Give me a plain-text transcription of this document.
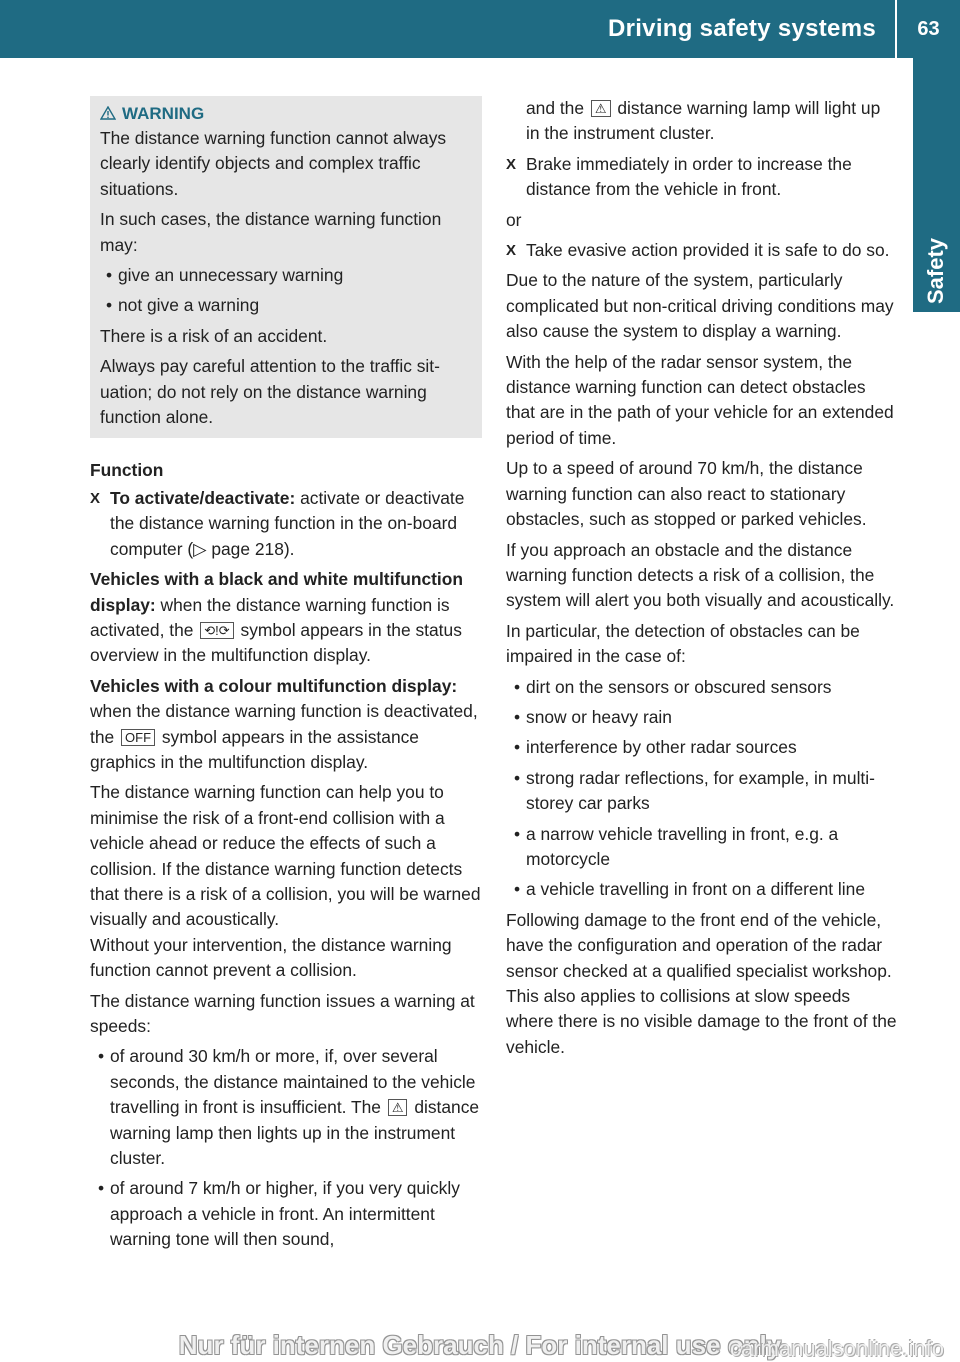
Driving safety systems	63
Safety
WARNING
The distance warning function cannot always clearly identify objects and complex traffic situations.
In such cases, the distance warning function may:
• give an unnecessary warning
• not give a warning
There is a risk of an accident.
Always pay careful attention to the traffic situation; do not rely on the distance warning function alone.
Function
X To activate/deactivate: activate or deactivate the distance warning function in the on-board computer (▷ page 218).
Vehicles with a black and white multifunction display: when the distance warning function is activated, the ⟲!⟳ symbol appears in the status overview in the multifunction display.
Vehicles with a colour multifunction display: when the distance warning function is deactivated, the OFF symbol appears in the assistance graphics in the multifunction display.
The distance warning function can help you to minimise the risk of a front-end collision with a vehicle ahead or reduce the effects of such a collision. If the distance warning function detects that there is a risk of a collision, you will be warned visually and acoustically.
Without your intervention, the distance warning function cannot prevent a collision.
The distance warning function issues a warning at speeds:
• of around 30 km/h or more, if, over several seconds, the distance maintained to the vehicle travelling in front is insufficient. The ⚠ distance warning lamp then lights up in the instrument cluster.
• of around 7 km/h or higher, if you very quickly approach a vehicle in front. An intermittent warning tone will then sound,
and the ⚠ distance warning lamp will light up in the instrument cluster.
X Brake immediately in order to increase the distance from the vehicle in front.
or
X Take evasive action provided it is safe to do so.
Due to the nature of the system, particularly complicated but non-critical driving conditions may also cause the system to display a warning.
With the help of the radar sensor system, the distance warning function can detect obstacles that are in the path of your vehicle for an extended period of time.
Up to a speed of around 70 km/h, the distance warning function can also react to stationary obstacles, such as stopped or parked vehicles.
If you approach an obstacle and the distance warning function detects a risk of a collision, the system will alert you both visually and acoustically.
In particular, the detection of obstacles can be impaired in the case of:
• dirt on the sensors or obscured sensors
• snow or heavy rain
• interference by other radar sources
• strong radar reflections, for example, in multi-storey car parks
• a narrow vehicle travelling in front, e.g. a motorcycle
• a vehicle travelling in front on a different line
Following damage to the front end of the vehicle, have the configuration and operation of the radar sensor checked at a qualified specialist workshop. This also applies to collisions at slow speeds where there is no visible damage to the front of the vehicle.
Nur für internen Gebrauch / For internal use only
carmanualsonline.info
